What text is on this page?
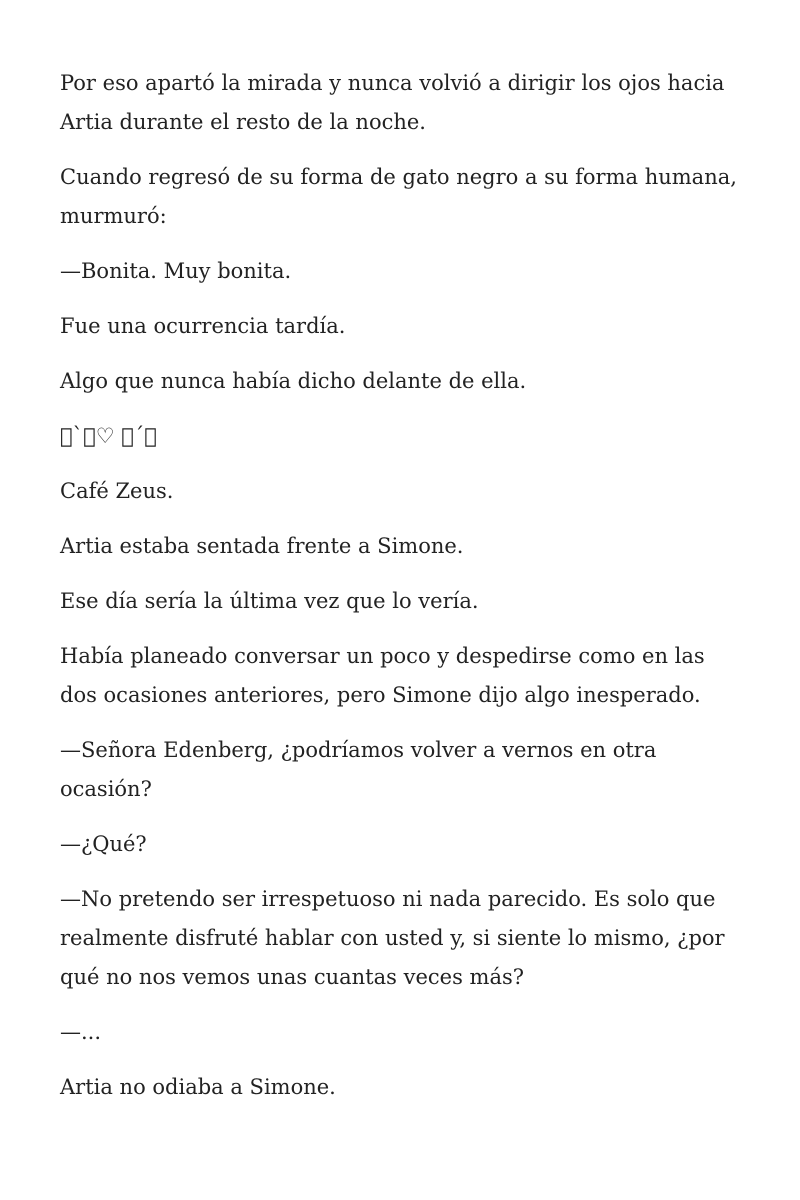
Por eso apartó la mirada y nunca volvió a dirigir los ojos hacia Artia durante el resto de la noche.

Cuando regresó de su forma de gato negro a su forma humana, murmuró:

—Bonita. Muy bonita.

Fue una ocurrencia tardía.

Algo que nunca había dicho delante de ella.

 ` ♡  ´ 

Café Zeus.

Artia estaba sentada frente a Simone.

Ese día sería la última vez que lo vería.

Había planeado conversar un poco y despedirse como en las dos ocasiones anteriores, pero Simone dijo algo inesperado.

—Señora Edenberg, ¿podríamos volver a vernos en otra ocasión?

—¿Qué?

—No pretendo ser irrespetuoso ni nada parecido. Es solo que realmente disfruté hablar con usted y, si siente lo mismo, ¿por qué no nos vemos unas cuantas veces más?

—...

Artia no odiaba a Simone.
